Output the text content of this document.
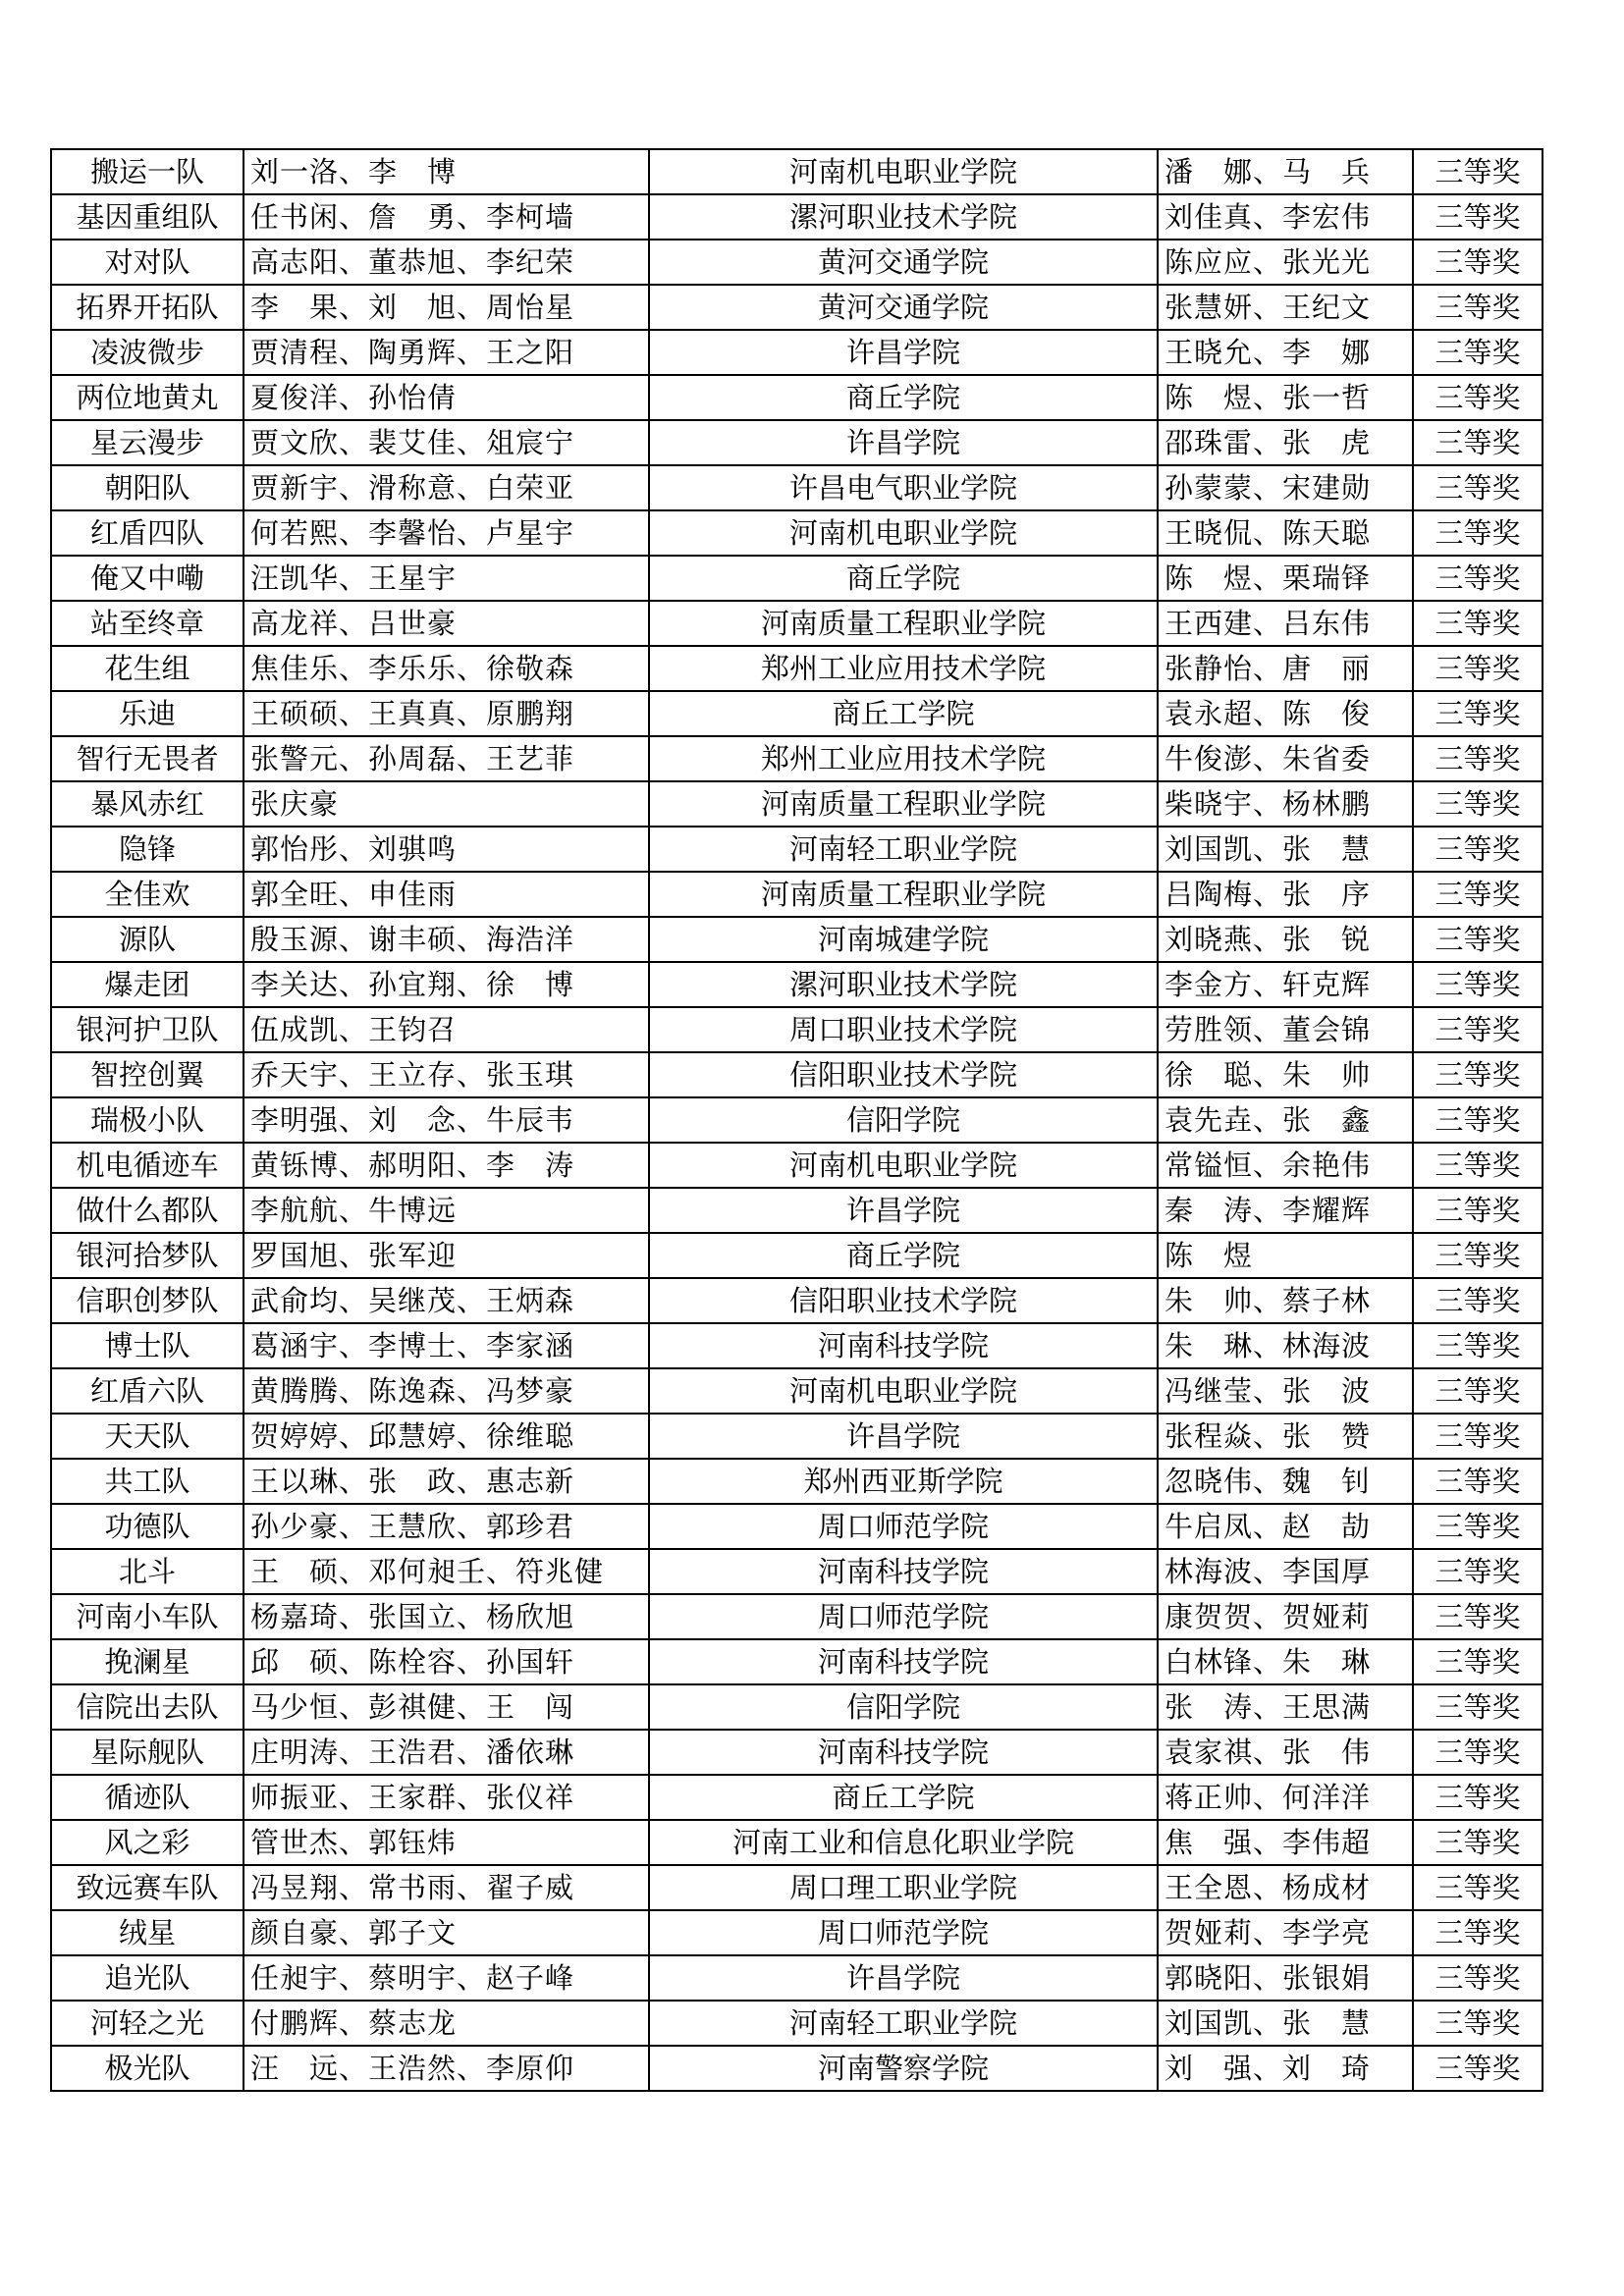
搬运一队	刘一洛、李　博	河南机电职业学院	潘　娜、马　兵	三等奖
基因重组队	任书闲、詹　勇、李柯墙	漯河职业技术学院	刘佳真、李宏伟	三等奖
对对队	高志阳、董恭旭、李纪荣	黄河交通学院	陈应应、张光光	三等奖
拓界开拓队	李　果、刘　旭、周怡星	黄河交通学院	张慧妍、王纪文	三等奖
凌波微步	贾清程、陶勇辉、王之阳	许昌学院	王晓允、李　娜	三等奖
两位地黄丸	夏俊洋、孙怡倩	商丘学院	陈　煜、张一哲	三等奖
星云漫步	贾文欣、裴艾佳、俎宸宁	许昌学院	邵珠雷、张　虎	三等奖
朝阳队	贾新宇、滑称意、白荣亚	许昌电气职业学院	孙蒙蒙、宋建勋	三等奖
红盾四队	何若熙、李馨怡、卢星宇	河南机电职业学院	王晓侃、陈天聪	三等奖
俺又中嘞	汪凯华、王星宇	商丘学院	陈　煜、栗瑞铎	三等奖
站至终章	高龙祥、吕世豪	河南质量工程职业学院	王西建、吕东伟	三等奖
花生组	焦佳乐、李乐乐、徐敬森	郑州工业应用技术学院	张静怡、唐　丽	三等奖
乐迪	王硕硕、王真真、原鹏翔	商丘工学院	袁永超、陈　俊	三等奖
智行无畏者	张警元、孙周磊、王艺菲	郑州工业应用技术学院	牛俊澎、朱省委	三等奖
暴风赤红	张庆豪	河南质量工程职业学院	柴晓宇、杨林鹏	三等奖
隐锋	郭怡彤、刘骐鸣	河南轻工职业学院	刘国凯、张　慧	三等奖
全佳欢	郭全旺、申佳雨	河南质量工程职业学院	吕陶梅、张　序	三等奖
源队	殷玉源、谢丰硕、海浩洋	河南城建学院	刘晓燕、张　锐	三等奖
爆走团	李关达、孙宜翔、徐　博	漯河职业技术学院	李金方、轩克辉	三等奖
银河护卫队	伍成凯、王钧召	周口职业技术学院	劳胜领、董会锦	三等奖
智控创翼	乔天宇、王立存、张玉琪	信阳职业技术学院	徐　聪、朱　帅	三等奖
瑞极小队	李明强、刘　念、牛辰韦	信阳学院	袁先垚、张　鑫	三等奖
机电循迹车	黄铄博、郝明阳、李　涛	河南机电职业学院	常镒恒、余艳伟	三等奖
做什么都队	李航航、牛博远	许昌学院	秦　涛、李耀辉	三等奖
银河拾梦队	罗国旭、张军迎	商丘学院	陈　煜	三等奖
信职创梦队	武俞均、吴继茂、王炳森	信阳职业技术学院	朱　帅、蔡子林	三等奖
博士队	葛涵宇、李博士、李家涵	河南科技学院	朱　琳、林海波	三等奖
红盾六队	黄腾腾、陈逸森、冯梦豪	河南机电职业学院	冯继莹、张　波	三等奖
天天队	贺婷婷、邱慧婷、徐维聪	许昌学院	张程焱、张　赞	三等奖
共工队	王以琳、张　政、惠志新	郑州西亚斯学院	忽晓伟、魏　钊	三等奖
功德队	孙少豪、王慧欣、郭珍君	周口师范学院	牛启凤、赵　劼	三等奖
北斗	王　硕、邓何昶壬、符兆健	河南科技学院	林海波、李国厚	三等奖
河南小车队	杨嘉琦、张国立、杨欣旭	周口师范学院	康贺贺、贺娅莉	三等奖
挽澜星	邱　硕、陈栓容、孙国轩	河南科技学院	白林锋、朱　琳	三等奖
信院出去队	马少恒、彭祺健、王　闯	信阳学院	张　涛、王思满	三等奖
星际舰队	庄明涛、王浩君、潘依琳	河南科技学院	袁家祺、张　伟	三等奖
循迹队	师振亚、王家群、张仪祥	商丘工学院	蒋正帅、何洋洋	三等奖
风之彩	管世杰、郭钰炜	河南工业和信息化职业学院	焦　强、李伟超	三等奖
致远赛车队	冯昱翔、常书雨、翟子威	周口理工职业学院	王全恩、杨成材	三等奖
绒星	颜自豪、郭子文	周口师范学院	贺娅莉、李学亮	三等奖
追光队	任昶宇、蔡明宇、赵子峰	许昌学院	郭晓阳、张银娟	三等奖
河轻之光	付鹏辉、蔡志龙	河南轻工职业学院	刘国凯、张　慧	三等奖
极光队	汪　远、王浩然、李原仰	河南警察学院	刘　强、刘　琦	三等奖
